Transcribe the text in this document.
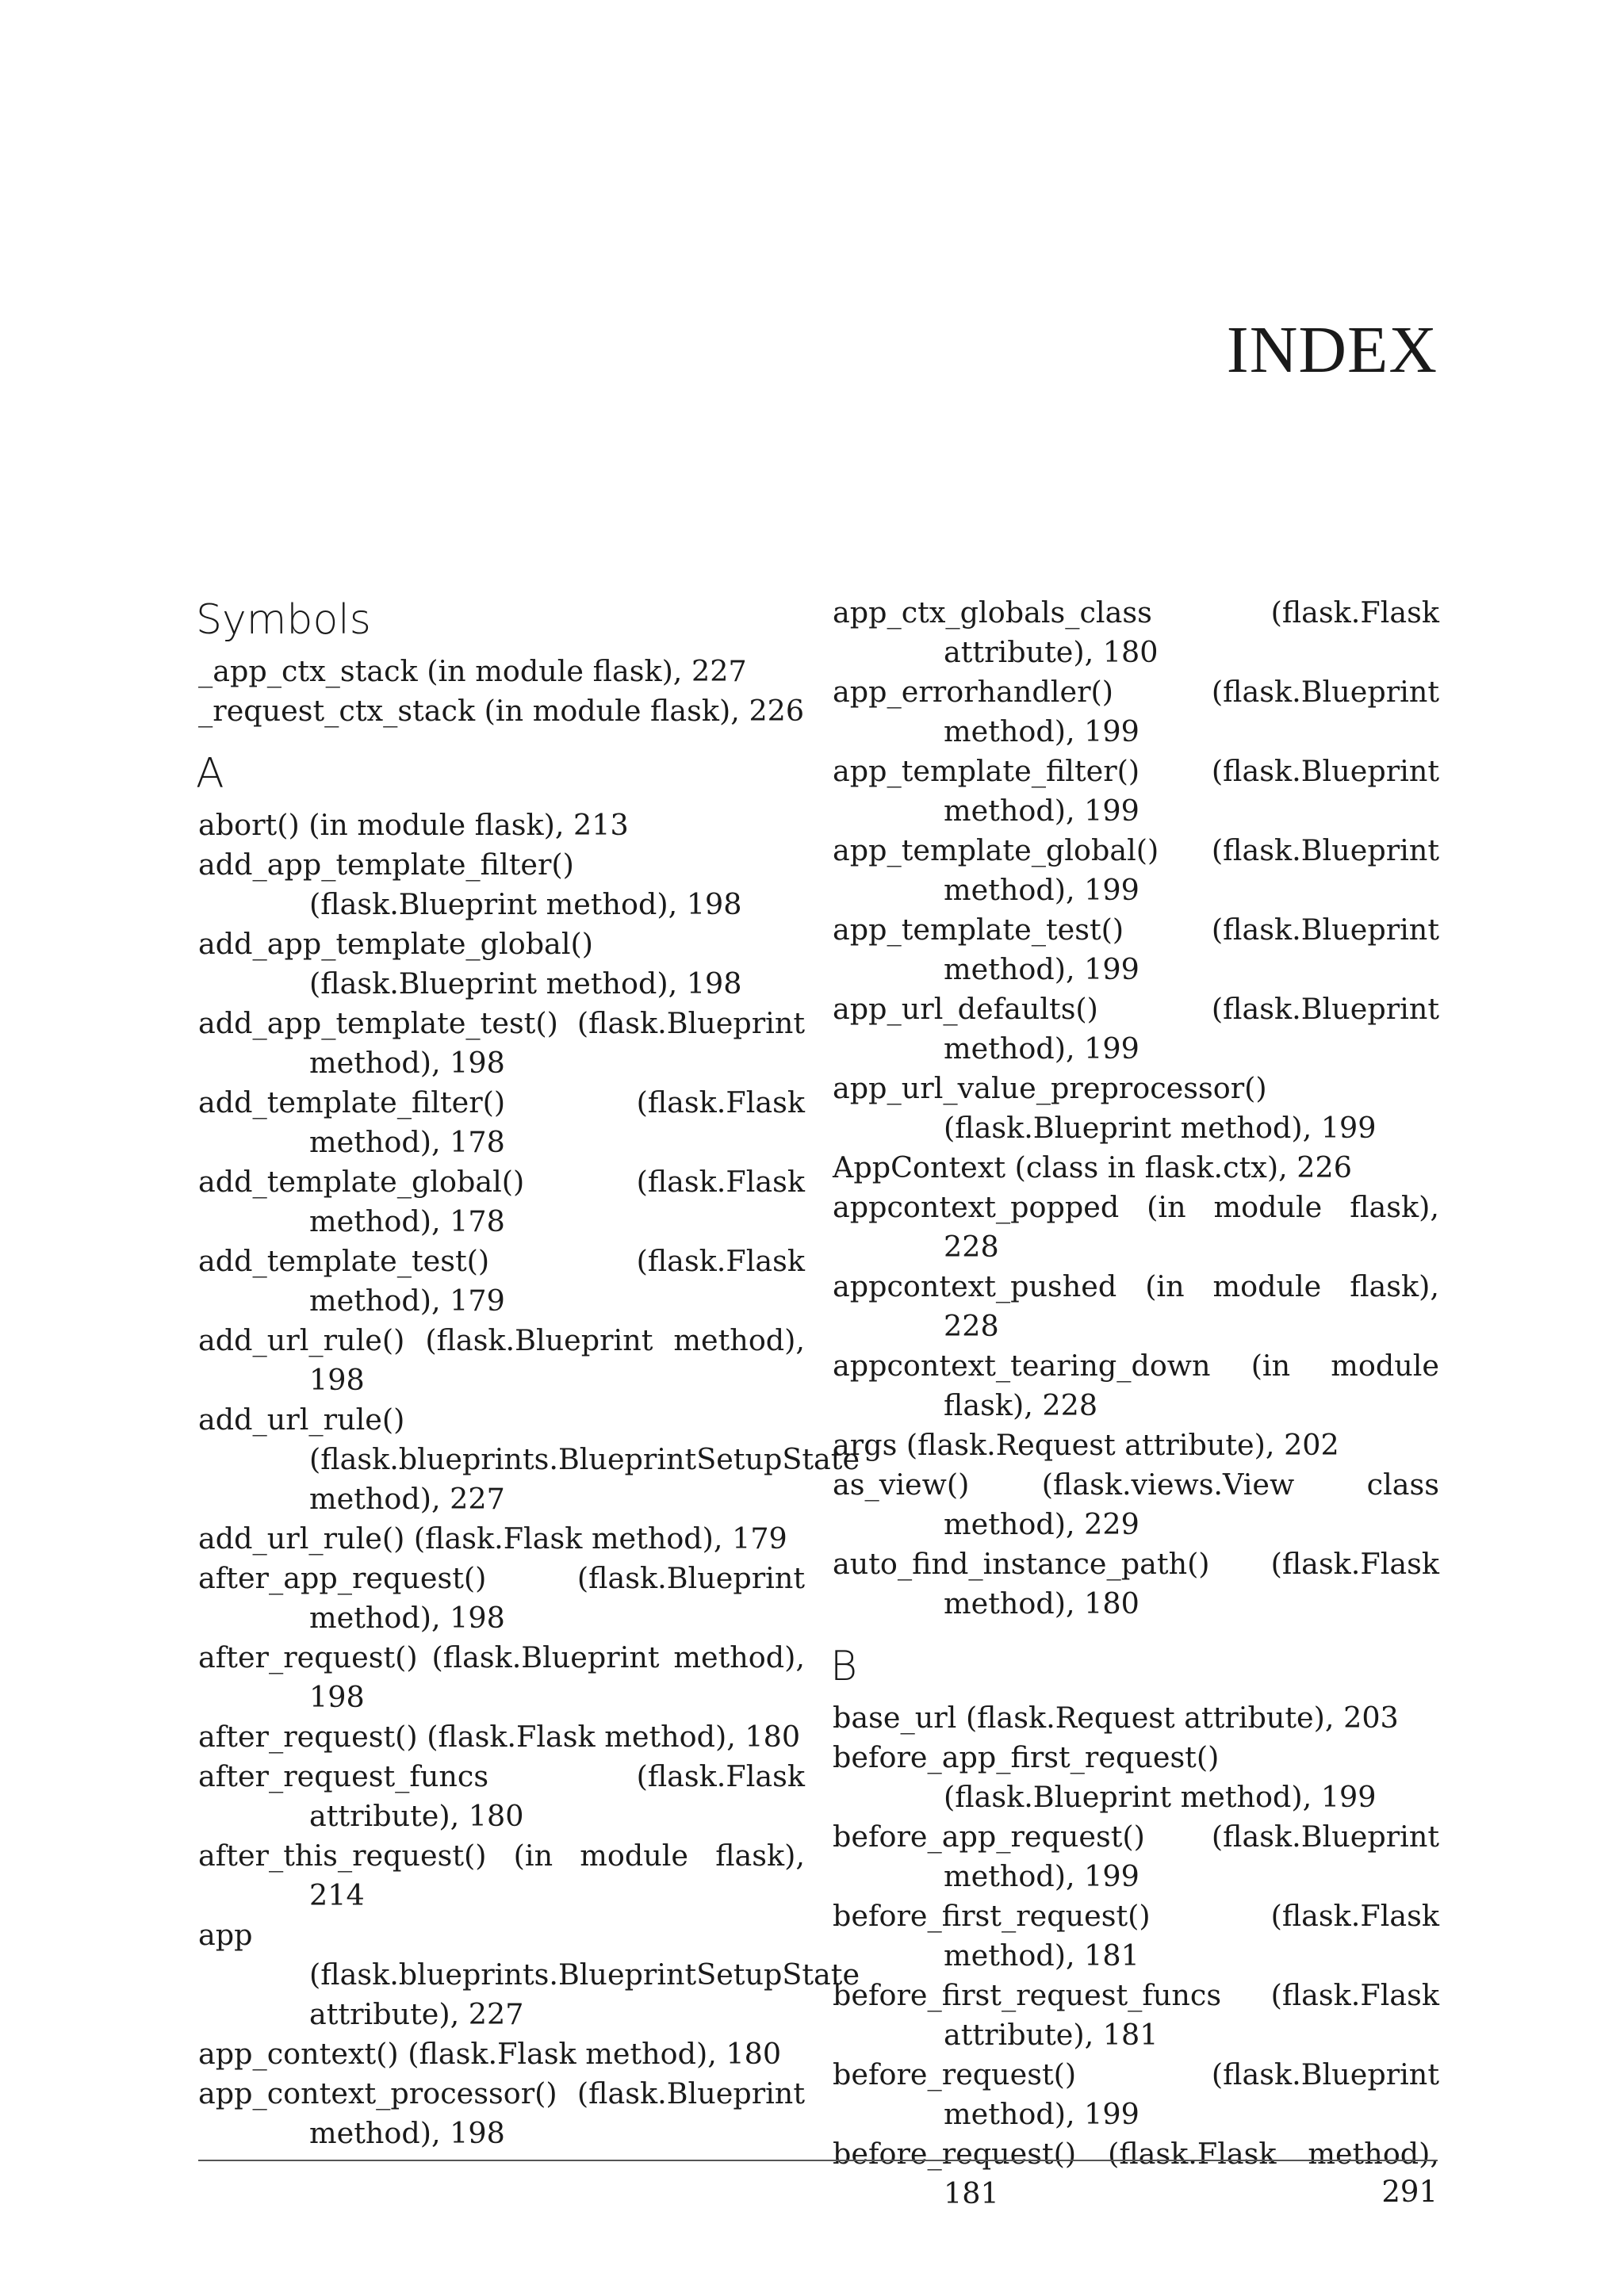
INDEX
Symbols
_app_ctx_stack (in module flask), 227
_request_ctx_stack (in module flask), 226
A
abort() (in module flask), 213
add_app_template_filter() (flask.Blueprint method), 198
add_app_template_global() (flask.Blueprint method), 198
add_app_template_test() (flask.Blueprint method), 198
add_template_filter() (flask.Flask method), 178
add_template_global() (flask.Flask method), 178
add_template_test() (flask.Flask method), 179
add_url_rule() (flask.Blueprint method), 198
add_url_rule() (flask.blueprints.BlueprintSetupState method), 227
add_url_rule() (flask.Flask method), 179
after_app_request() (flask.Blueprint method), 198
after_request() (flask.Blueprint method), 198
after_request() (flask.Flask method), 180
after_request_funcs (flask.Flask attribute), 180
after_this_request() (in module flask), 214
app (flask.blueprints.BlueprintSetupState attribute), 227
app_context() (flask.Flask method), 180
app_context_processor() (flask.Blueprint method), 198
app_ctx_globals_class (flask.Flask attribute), 180
app_errorhandler() (flask.Blueprint method), 199
app_template_filter() (flask.Blueprint method), 199
app_template_global() (flask.Blueprint method), 199
app_template_test() (flask.Blueprint method), 199
app_url_defaults() (flask.Blueprint method), 199
app_url_value_preprocessor() (flask.Blueprint method), 199
AppContext (class in flask.ctx), 226
appcontext_popped (in module flask), 228
appcontext_pushed (in module flask), 228
appcontext_tearing_down (in module flask), 228
args (flask.Request attribute), 202
as_view() (flask.views.View class method), 229
auto_find_instance_path() (flask.Flask method), 180
B
base_url (flask.Request attribute), 203
before_app_first_request() (flask.Blueprint method), 199
before_app_request() (flask.Blueprint method), 199
before_first_request() (flask.Flask method), 181
before_first_request_funcs (flask.Flask attribute), 181
before_request() (flask.Blueprint method), 199
before_request() (flask.Flask method), 181	291
